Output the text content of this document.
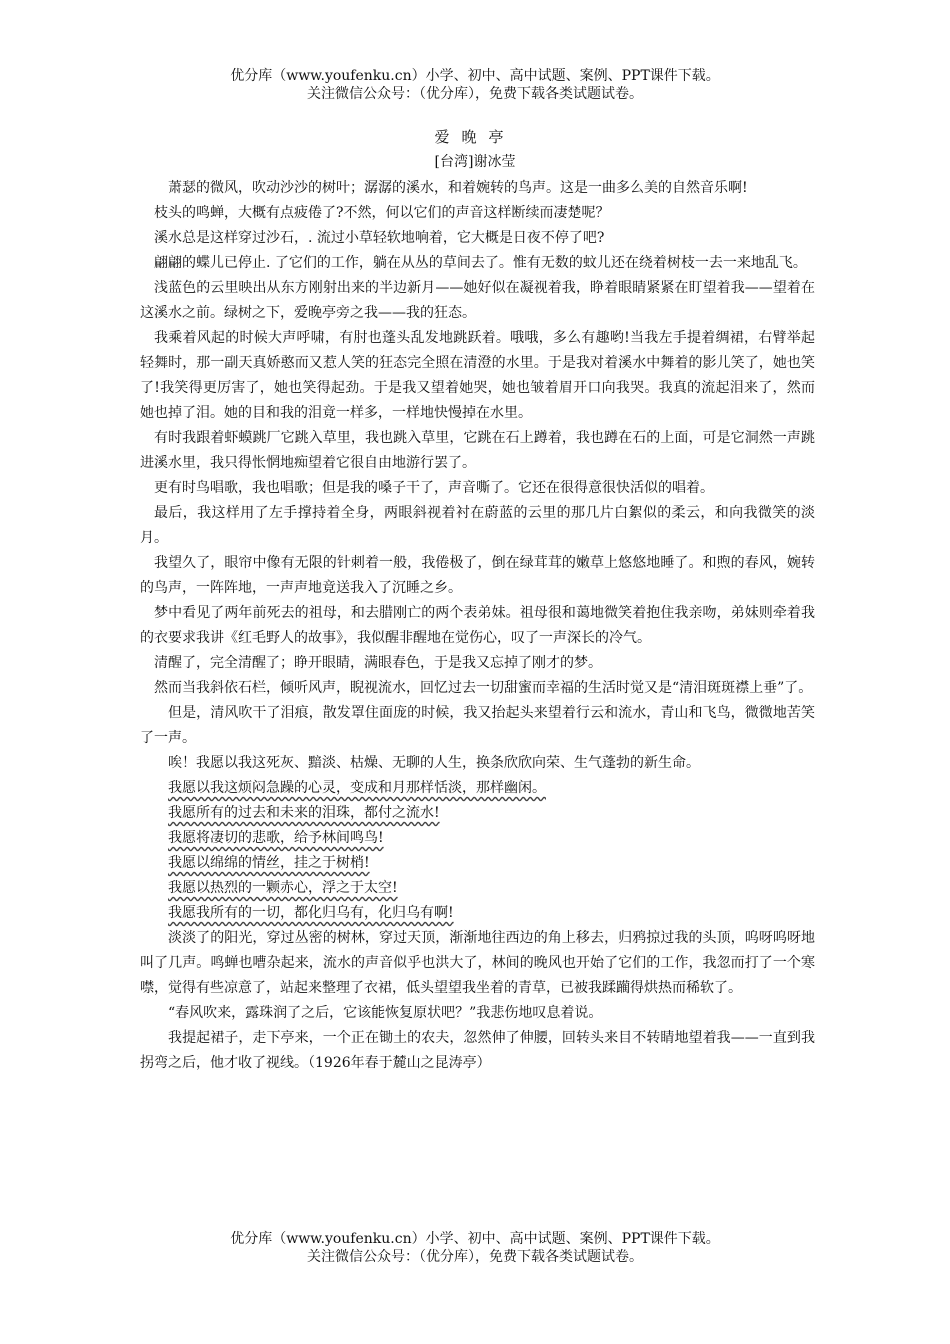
优分库（www.youfenku.cn）小学、初中、高中试题、案例、PPT课件下载。
关注微信公众号：（优分库），免费下载各类试题试卷。
爱晚亭
[台湾]谢冰莹

萧瑟的微风，吹动沙沙的树叶；潺潺的溪水，和着婉转的鸟声。这是一曲多么美的自然音乐啊!

枝头的鸣蝉，大概有点疲倦了?不然，何以它们的声音这样断续而凄楚呢？

溪水总是这样穿过沙石，. 流过小草轻软地响着，它大概是日夜不停了吧?

翩翩的蝶儿已停止. 了它们的工作，躺在从丛的草间去了。惟有无数的蚊儿还在绕着树枝一去一来地乱飞。

浅蓝色的云里映出从东方刚射出来的半边新月——她好似在凝视着我，睁着眼睛紧紧在盯望着我——望着在这溪水之前。绿树之下，爱晚亭旁之我——我的狂态。

我乘着风起的时候大声呼啸，有肘也蓬头乱发地跳跃着。哦哦，多么有趣哟!当我左手提着绸裙，右臂举起轻舞时，那一副天真娇憨而又惹人笑的狂态完全照在清澄的水里。于是我对着溪水中舞着的影儿笑了，她也笑了!我笑得更厉害了，她也笑得起劲。于是我又望着她哭，她也皱着眉开口向我哭。我真的流起泪来了，然而她也掉了泪。她的目和我的泪竟一样多，一样地快慢掉在水里。

有时我跟着虾蟆跳厂它跳入草里，我也跳入草里，它跳在石上蹲着，我也蹲在石的上面，可是它洞然一声跳进溪水里，我只得怅惘地痴望着它很自由地游行罢了。

更有时鸟唱歌，我也唱歌；但是我的嗓子干了，声音嘶了。它还在很得意很快活似的唱着。

最后，我这样用了左手撑持着全身，两眼斜视着衬在蔚蓝的云里的那几片白絮似的柔云，和向我微笑的淡月。

我望久了，眼帘中像有无限的针刺着一般，我倦极了，倒在绿茸茸的嫩草上悠悠地睡了。和煦的春风，婉转的鸟声，一阵阵地，一声声地竟送我入了沉睡之乡。

梦中看见了两年前死去的祖母，和去腊刚亡的两个表弟妹。祖母很和蔼地微笑着抱住我亲吻，弟妹则牵着我的衣要求我讲《红毛野人的故事》，我似醒非醒地在觉伤心，叹了一声深长的冷气。

清醒了，完全清醒了；睁开眼睛，满眼春色，于是我又忘掉了刚才的梦。

然而当我斜依石栏，倾听风声，睨视流水，回忆过去一切甜蜜而幸福的生活时觉又是“清泪斑斑襟上垂”了。

但是，清风吹干了泪痕，散发罩住面庞的时候，我又抬起头来望着行云和流水，青山和飞鸟，微微地苦笑了一声。

唉！我愿以我这死灰、黯淡、枯燥、无聊的人生，换条欣欣向荣、生气蓬勃的新生命。

我愿以我这烦闷急躁的心灵，变成和月那样恬淡，那样幽闲。

我愿所有的过去和未来的泪珠，都付之流水!

我愿将凄切的悲歌，给予林间鸣鸟!

我愿以绵绵的情丝，挂之于树梢!

我愿以热烈的一颗赤心，浮之于太空!

我愿我所有的一切，都化归乌有，化归乌有啊!

淡淡了的阳光，穿过丛密的树林，穿过天顶，渐渐地往西边的角上移去，归鸦掠过我的头顶，呜呀呜呀地叫了几声。鸣蝉也嘈杂起来，流水的声音似乎也洪大了，林间的晚风也开始了它们的工作，我忽而打了一个寒噤，觉得有些凉意了，站起来整理了衣裙，低头望望我坐着的青草，已被我蹂躏得烘热而稀软了。

“春风吹来，露珠润了之后，它该能恢复原状吧？”我悲伤地叹息着说。

我提起裙子，走下亭来，一个正在锄土的农夫，忽然伸了伸腰，回转头来目不转睛地望着我——一直到我拐弯之后，他才收了视线。（1926年春于麓山之昆涛亭）

优分库（www.youfenku.cn）小学、初中、高中试题、案例、PPT课件下载。
关注微信公众号：（优分库），免费下载各类试题试卷。
